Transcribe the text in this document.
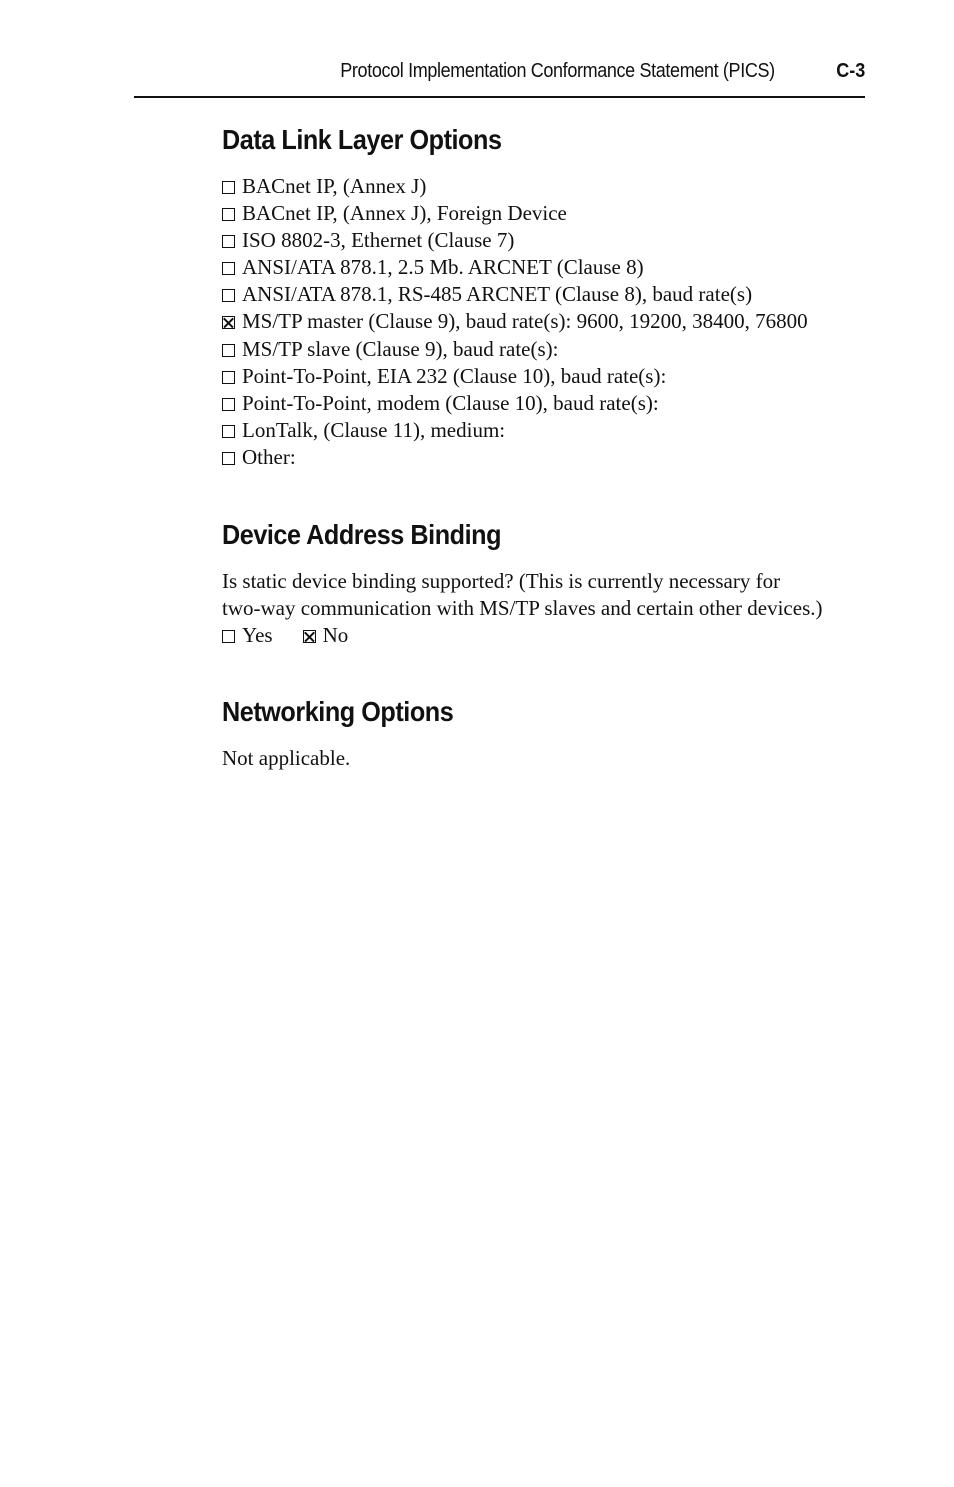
Protocol Implementation Conformance Statement (PICS)	C-3
Data Link Layer Options
BACnet IP, (Annex J)
BACnet IP, (Annex J), Foreign Device
ISO 8802-3, Ethernet (Clause 7)
ANSI/ATA 878.1, 2.5 Mb. ARCNET (Clause 8)
ANSI/ATA 878.1, RS-485 ARCNET (Clause 8), baud rate(s)
MS/TP master (Clause 9), baud rate(s): 9600, 19200, 38400, 76800
MS/TP slave (Clause 9), baud rate(s):
Point-To-Point, EIA 232 (Clause 10), baud rate(s):
Point-To-Point, modem (Clause 10), baud rate(s):
LonTalk, (Clause 11), medium:
Other:
Device Address Binding
Is static device binding supported? (This is currently necessary for
two-way communication with MS/TP slaves and certain other devices.)
Yes No
Networking Options
Not applicable.
